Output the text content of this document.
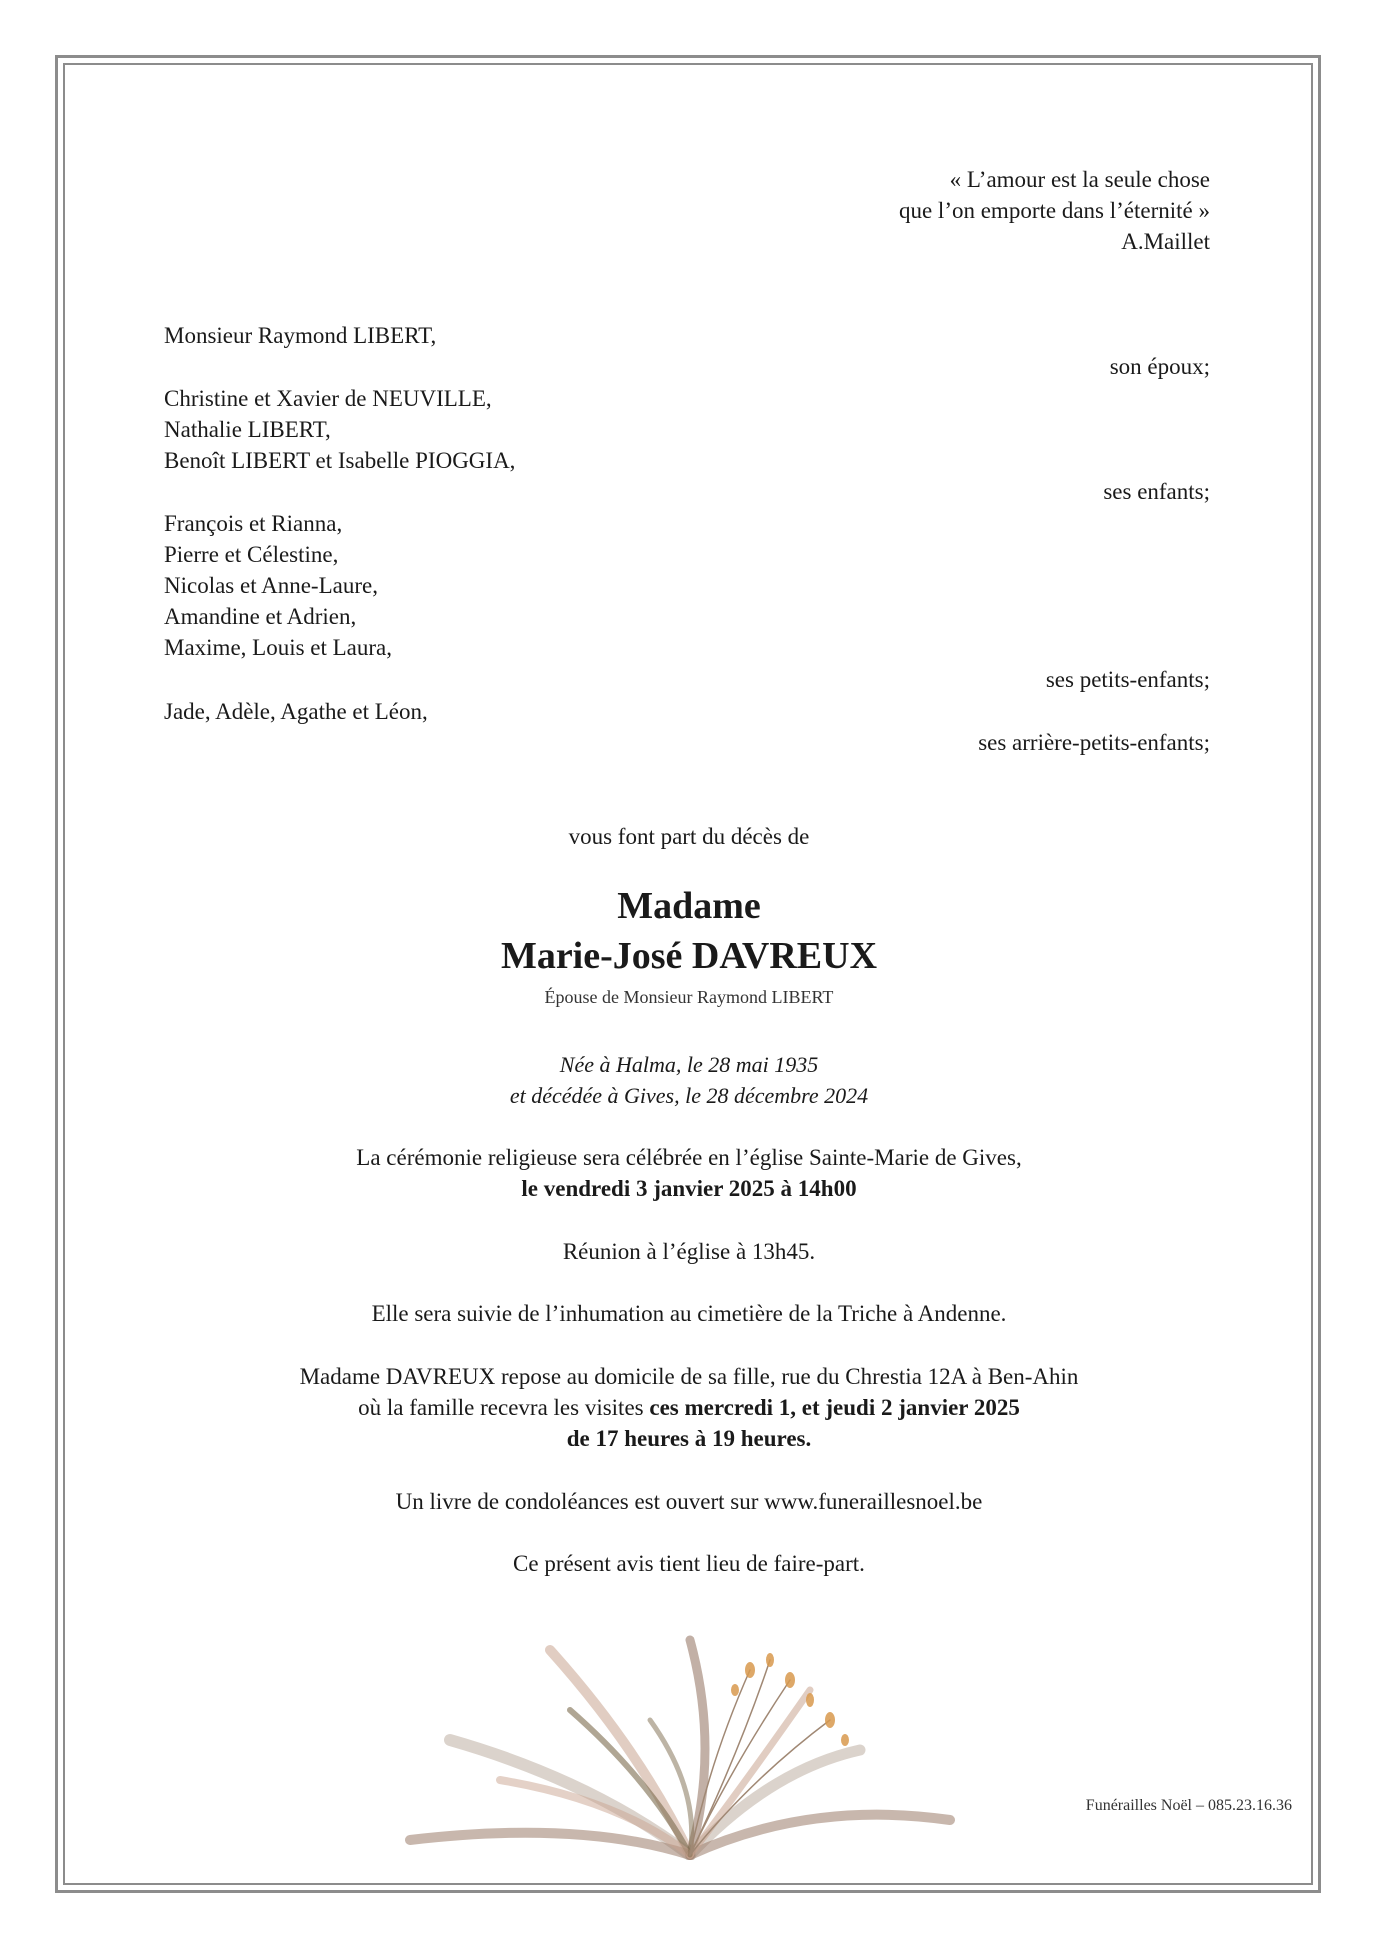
« L’amour est la seule chose
que l’on emporte dans l’éternité »
A.Maillet
Monsieur Raymond LIBERT,
son époux;
Christine et Xavier de NEUVILLE,
Nathalie LIBERT,
Benoît LIBERT et Isabelle PIOGGIA,
ses enfants;
François et Rianna,
Pierre et Célestine,
Nicolas et Anne-Laure,
Amandine et Adrien,
Maxime, Louis et Laura,
ses petits-enfants;
Jade, Adèle, Agathe et Léon,
ses arrière-petits-enfants;
vous font part du décès de
Madame
Marie-José DAVREUX
Épouse de Monsieur Raymond LIBERT
Née à Halma, le 28 mai 1935
et décédée à Gives, le 28 décembre 2024
La cérémonie religieuse sera célébrée en l’église Sainte-Marie de Gives,
le vendredi 3 janvier 2025 à 14h00
Réunion à l’église à 13h45.
Elle sera suivie de l’inhumation au cimetière de la Triche à Andenne.
Madame DAVREUX repose au domicile de sa fille, rue du Chrestia 12A à Ben-Ahin
où la famille recevra les visites ces mercredi 1, et jeudi 2 janvier 2025
de 17 heures à 19 heures.
Un livre de condoléances est ouvert sur www.funeraillesnoel.be
Ce présent avis tient lieu de faire-part.
Funérailles Noël – 085.23.16.36
